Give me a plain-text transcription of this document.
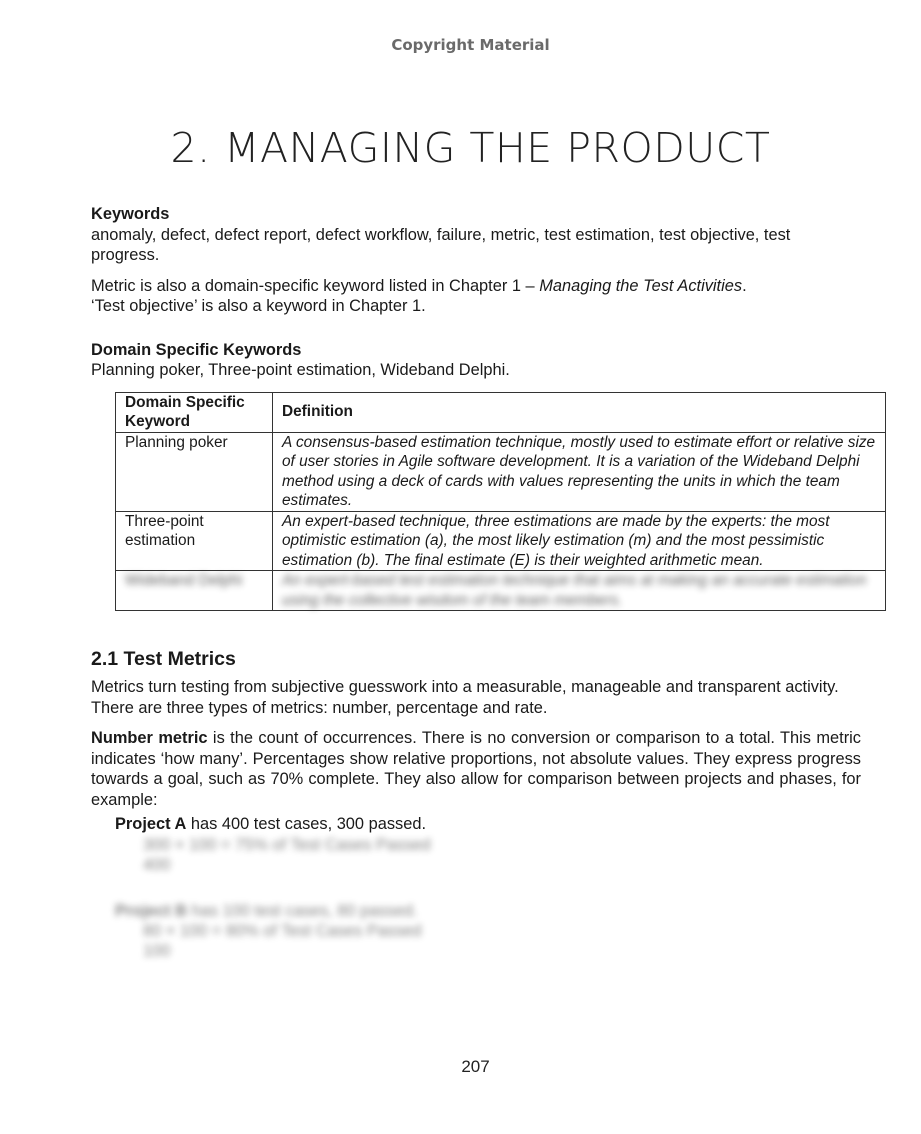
Copyright Material
2. MANAGING THE PRODUCT

Keywords

anomaly, defect, defect report, defect workflow, failure, metric, test estimation, test objective, test progress.

Metric is also a domain-specific keyword listed in Chapter 1 – Managing the Test Activities.

‘Test objective’ is also a keyword in Chapter 1.

Domain Specific Keywords

Planning poker, Three-point estimation, Wideband Delphi.

Domain Specific Keyword	Definition
Planning poker	A consensus-based estimation technique, mostly used to estimate effort or relative size of user stories in Agile software development. It is a variation of the Wideband Delphi method using a deck of cards with values representing the units in which the team estimates.
Three-point estimation	An expert-based technique, three estimations are made by the experts: the most optimistic estimation (a), the most likely estimation (m) and the most pessimistic estimation (b). The final estimate (E) is their weighted arithmetic mean.
Wideband Delphi	An expert-based test estimation technique that aims at making an accurate estimation using the collective wisdom of the team members.
2.1 Test Metrics

Metrics turn testing from subjective guesswork into a measurable, manageable and transparent activity. There are three types of metrics: number, percentage and rate.

Number metric is the count of occurrences. There is no conversion or comparison to a total. This metric indicates ‘how many’. Percentages show relative proportions, not absolute values. They express progress towards a goal, such as 70% complete. They also allow for comparison between projects and phases, for example:

Project A has 400 test cases, 300 passed.

300 × 100 = 75% of Test Cases Passed
400

Project B has 100 test cases, 80 passed.

80 × 100 = 80% of Test Cases Passed
100
207
